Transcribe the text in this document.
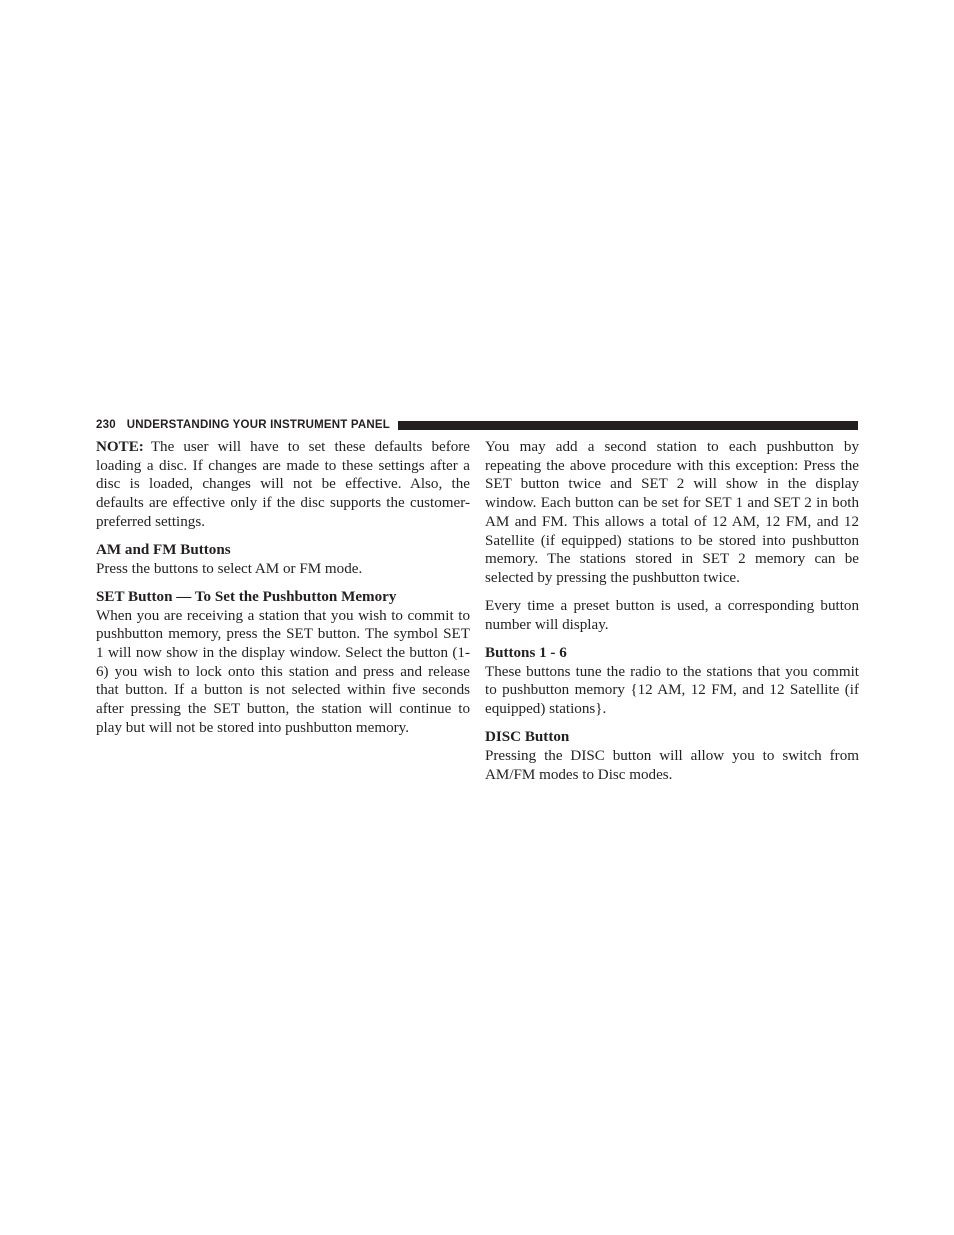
230 UNDERSTANDING YOUR INSTRUMENT PANEL

NOTE: The user will have to set these defaults before loading a disc. If changes are made to these settings after a disc is loaded, changes will not be effective. Also, the defaults are effective only if the disc supports the customer-preferred settings.

AM and FM Buttons

Press the buttons to select AM or FM mode.

SET Button — To Set the Pushbutton Memory

When you are receiving a station that you wish to commit to pushbutton memory, press the SET button. The symbol SET 1 will now show in the display window. Select the button (1-6) you wish to lock onto this station and press and release that button. If a button is not selected within five seconds after pressing the SET button, the station will continue to play but will not be stored into pushbutton memory.

You may add a second station to each pushbutton by repeating the above procedure with this exception: Press the SET button twice and SET 2 will show in the display window. Each button can be set for SET 1 and SET 2 in both AM and FM. This allows a total of 12 AM, 12 FM, and 12 Satellite (if equipped) stations to be stored into pushbutton memory. The stations stored in SET 2 memory can be selected by pressing the pushbutton twice.

Every time a preset button is used, a corresponding button number will display.

Buttons 1 - 6

These buttons tune the radio to the stations that you commit to pushbutton memory {12 AM, 12 FM, and 12 Satellite (if equipped) stations}.

DISC Button

Pressing the DISC button will allow you to switch from AM/FM modes to Disc modes.
